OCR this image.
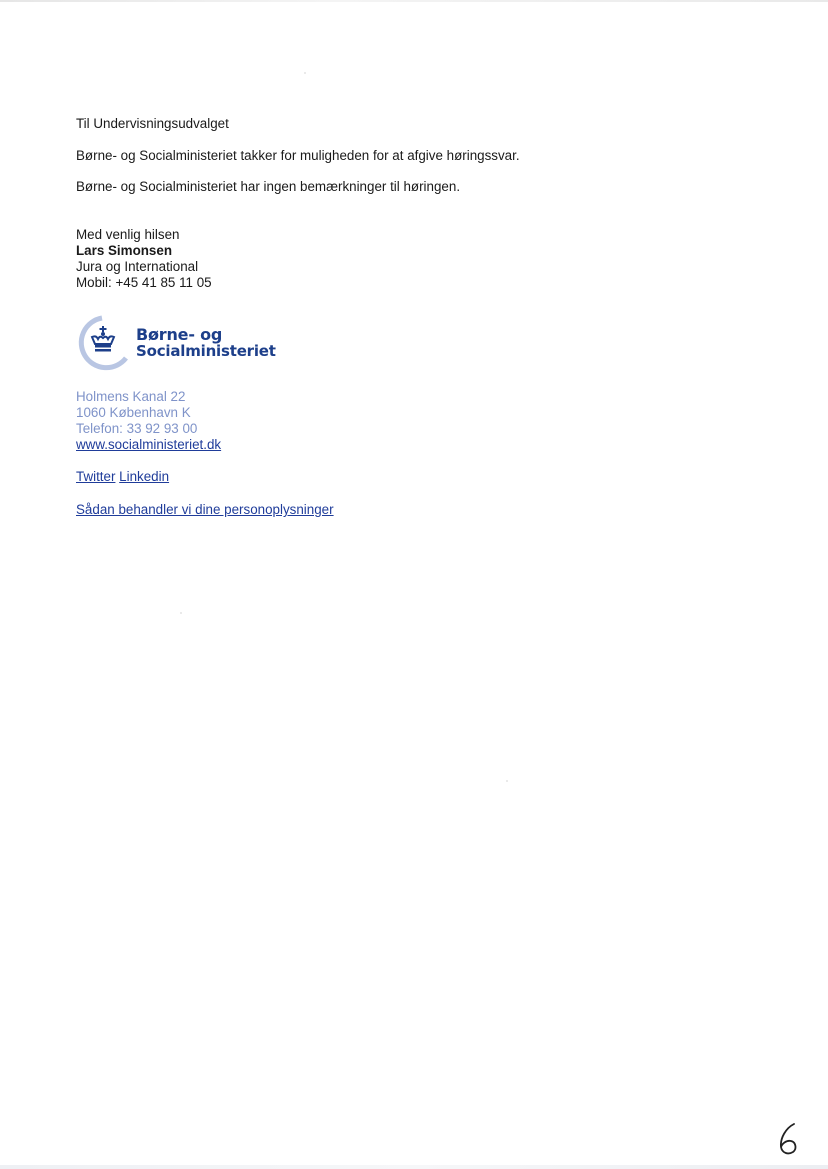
Til Undervisningsudvalget

Børne- og Socialministeriet takker for muligheden for at afgive høringssvar.

Børne- og Socialministeriet har ingen bemærkninger til høringen.

Med venlig hilsen

Lars Simonsen

Jura og International

Mobil: +45 41 85 11 05

Børne- og
Socialministeriet
Holmens Kanal 22
1060 København K
Telefon: 33 92 93 00
www.socialministeriet.dk
Twitter Linkedin
Sådan behandler vi dine personoplysninger
